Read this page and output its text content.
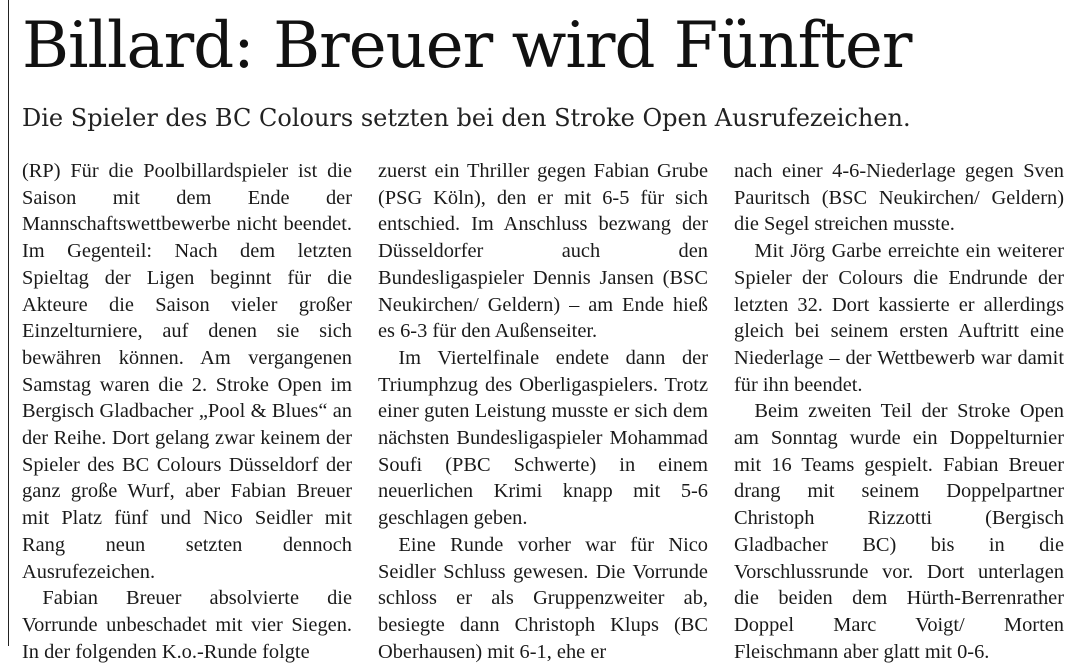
Billard: Breuer wird Fünfter
Die Spieler des BC Colours setzten bei den Stroke Open Ausrufezeichen.

(RP) Für die Poolbillardspieler ist die Saison mit dem Ende der Mannschaftswettbewerbe nicht beendet. Im Gegenteil: Nach dem letzten Spieltag der Ligen beginnt für die Akteure die Saison vieler großer Einzelturniere, auf denen sie sich bewähren können. Am vergangenen Samstag waren die 2. Stroke Open im Bergisch Gladbacher „Pool & Blues“ an der Reihe. Dort gelang zwar keinem der Spieler des BC Colours Düsseldorf der ganz große Wurf, aber Fabian Breuer mit Platz fünf und Nico Seidler mit Rang neun setzten dennoch Ausrufezeichen.

Fabian Breuer absolvierte die Vorrunde unbeschadet mit vier Siegen. In der folgenden K.o.-Runde folgte

zuerst ein Thriller gegen Fabian Grube (PSG Köln), den er mit 6-5 für sich entschied. Im Anschluss bezwang der Düsseldorfer auch den Bundesligaspieler Dennis Jansen (BSC Neukirchen/ Geldern) – am Ende hieß es 6-3 für den Außenseiter.

Im Viertelfinale endete dann der Triumphzug des Oberligaspielers. Trotz einer guten Leistung musste er sich dem nächsten Bundesligaspieler Mohammad Soufi (PBC Schwerte) in einem neuerlichen Krimi knapp mit 5-6 geschlagen geben.

Eine Runde vorher war für Nico Seidler Schluss gewesen. Die Vorrunde schloss er als Gruppenzweiter ab, besiegte dann Christoph Klups (BC Oberhausen) mit 6-1, ehe er

nach einer 4-6-Niederlage gegen Sven Pauritsch (BSC Neukirchen/ Geldern) die Segel streichen musste.

Mit Jörg Garbe erreichte ein weiterer Spieler der Colours die Endrunde der letzten 32. Dort kassierte er allerdings gleich bei seinem ersten Auftritt eine Niederlage – der Wettbewerb war damit für ihn beendet.

Beim zweiten Teil der Stroke Open am Sonntag wurde ein Doppelturnier mit 16 Teams gespielt. Fabian Breuer drang mit seinem Doppelpartner Christoph Rizzotti (Bergisch Gladbacher BC) bis in die Vorschlussrunde vor. Dort unterlagen die beiden dem Hürth-Berrenrather Doppel Marc Voigt/ Morten Fleischmann aber glatt mit 0-6.
